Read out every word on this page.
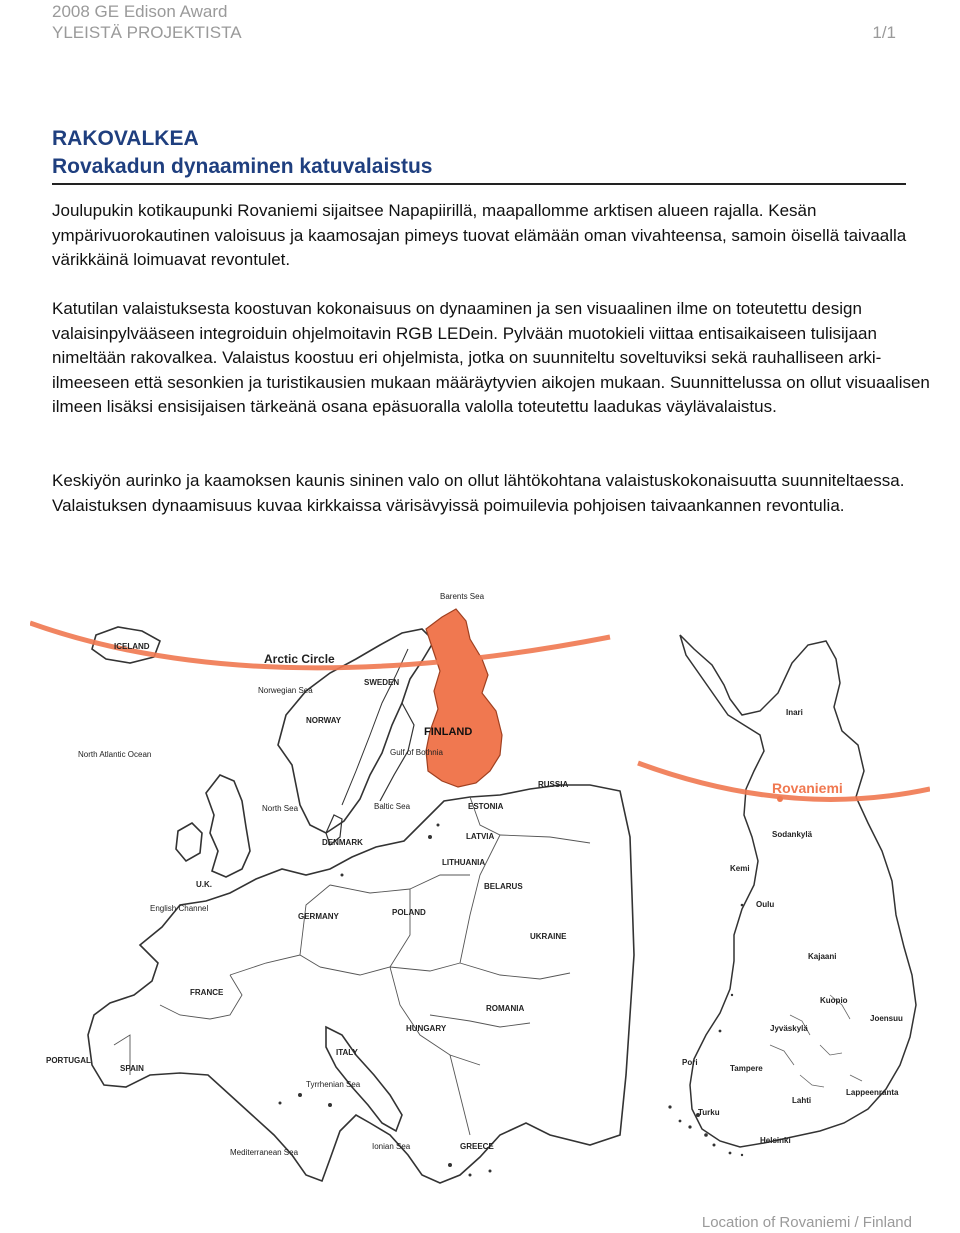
2008 GE Edison Award
YLEISTÄ PROJEKTISTA	1/1
RAKOVALKEA
Rovakadun dynaaminen katuvalaistus

Joulupukin kotikaupunki Rovaniemi sijaitsee Napapiirillä, maapallomme arktisen alueen rajalla. Kesän ympärivuorokautinen valoisuus ja kaamosajan pimeys tuovat elämään oman vivahteensa, samoin öisellä taivaalla värikkäinä loimuavat revontulet.

Katutilan valaistuksesta koostuvan kokonaisuus on dynaaminen ja sen visuaalinen ilme on toteutettu design valaisinpylvääseen integroiduin ohjelmoitavin RGB LEDein. Pylvään muotokieli viittaa entisaikaiseen tulisijaan nimeltään rakovalkea. Valaistus koostuu eri ohjelmista, jotka on suunniteltu soveltuviksi sekä rauhalliseen arki-ilmeeseen että sesonkien ja turistikausien mukaan määräytyvien aikojen mukaan. Suunnittelussa on ollut visuaalisen ilmeen lisäksi ensisijaisen tärkeänä osana epäsuoralla valolla toteutettu laadukas väylävalaistus.

Keskiyön aurinko ja kaamoksen kaunis sininen valo on ollut lähtökohtana valaistuskokonaisuutta suunniteltaessa. Valaistuksen dynaamisuus kuvaa kirkkaissa värisävyissä poimuilevia pohjoisen taivaankannen revontulia.

Arctic Circle
FINLAND
ICELAND
SWEDEN
NORWAY
RUSSIA
POLAND
GERMANY
FRANCE
SPAIN
PORTUGAL
ITALY
U.K.
UKRAINE
BELARUS
ESTONIA
LATVIA
LITHUANIA
DENMARK
HUNGARY
ROMANIA
GREECE
Barents Sea
Norwegian Sea
North Sea	Baltic Sea
Gulf of Bothnia
North Atlantic Ocean
Mediterranean Sea
English Channel
Tyrrhenian Sea
Ionian Sea
Rovaniemi
Inari
Sodankylä
Kemi
Oulu
Kajaani
Kuopio
Joensuu
Jyväskylä
Tampere
Pori
Turku
Lahti
Lappeenranta
Helsinki
Location of Rovaniemi / Finland
